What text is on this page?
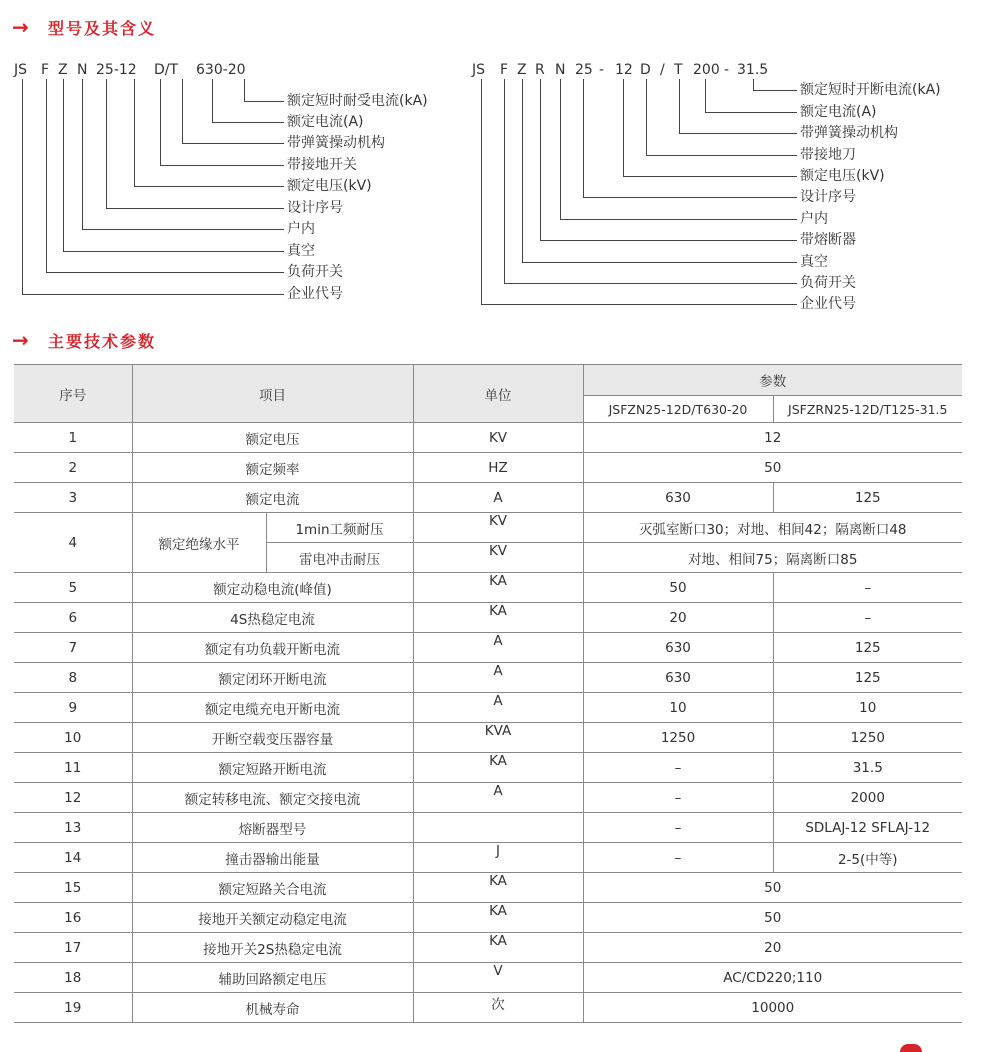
→	型号及其含义
JS F Z N 25-12 D/T 630-20
额定短时耐受电流(kA)
额定电流(A)
带弹簧操动机构
带接地开关
额定电压(kV)
设计序号
户内
真空
负荷开关
企业代号
JS F Z R N 25 - 12 D / T 200 - 31.5
额定短时开断电流(kA)
额定电流(A)
带弹簧操动机构
带接地刀
额定电压(kV)
设计序号
户内
带熔断器
真空
负荷开关
企业代号
→	主要技术参数
序号	项目		单位	参数	
				JSFZN25-12D/T630-20	JSFZRN25-12D/T125-31.5
1	额定电压		KV	12	
2	额定频率		HZ	50	
3	额定电流		A	630	125
4	额定绝缘水平	1min工频耐压	KV	灭弧室断口30；对地、相间42；隔离断口48	
		雷电冲击耐压	KV	对地、相间75；隔离断口85	
5	额定动稳电流(峰值)		KA	50	–
6	4S热稳定电流		KA	20	–
7	额定有功负载开断电流		A	630	125
8	额定闭环开断电流		A	630	125
9	额定电缆充电开断电流		A	10	10
10	开断空载变压器容量		KVA	1250	1250
11	额定短路开断电流		KA	–	31.5
12	额定转移电流、额定交接电流		A	–	2000
13	熔断器型号			–	SDLAJ-12 SFLAJ-12
14	撞击器输出能量		J	–	2-5(中等)
15	额定短路关合电流		KA	50	
16	接地开关额定动稳定电流		KA	50	
17	接地开关2S热稳定电流		KA	20	
18	辅助回路额定电压		V	AC/CD220;110	
19	机械寿命		次	10000	
